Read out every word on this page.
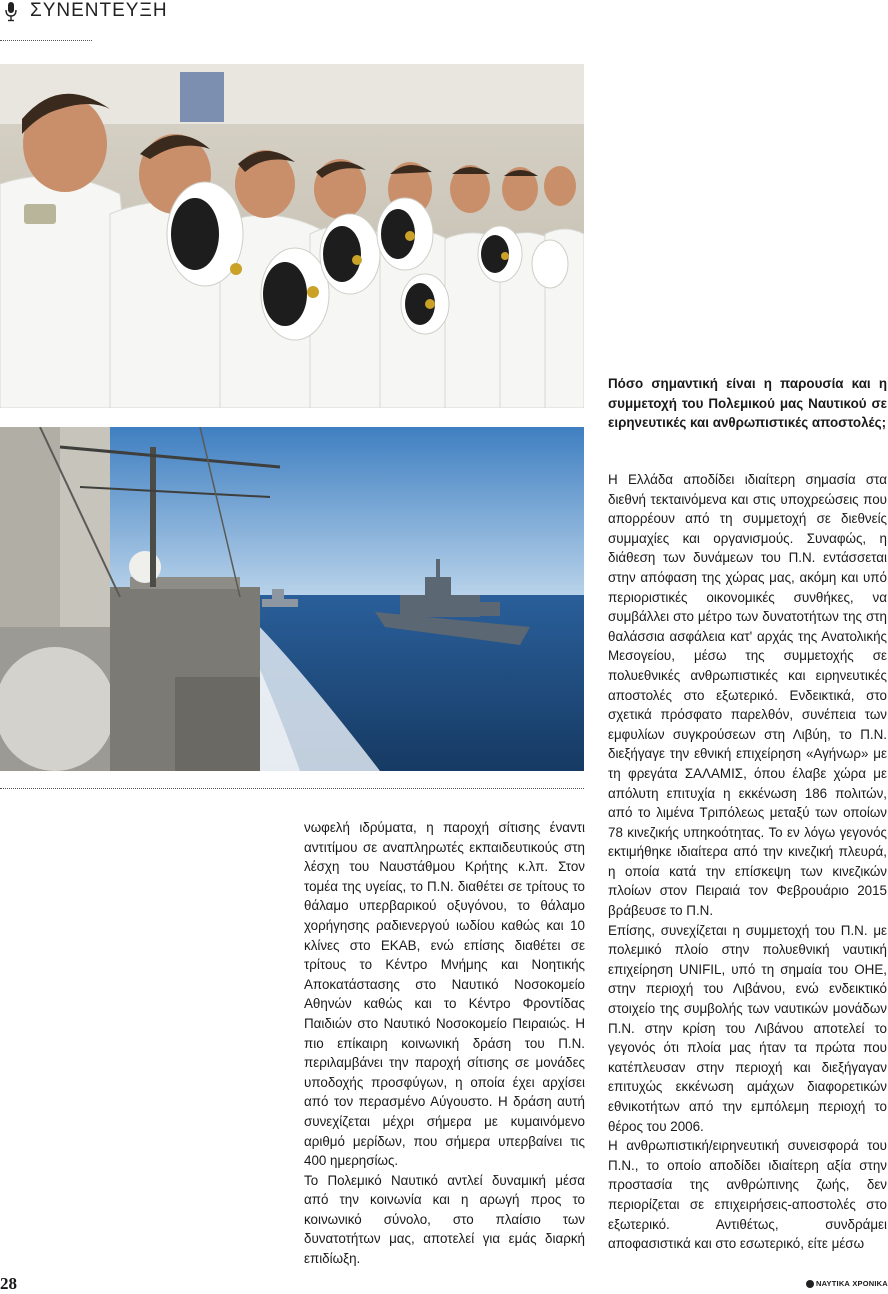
ΣΥΝΕΝΤΕΥΞΗ

νωφελή ιδρύματα, η παροχή σίτισης έναντι αντιτίμου σε αναπληρωτές εκπαιδευτικούς στη λέσχη του Ναυστάθμου Κρήτης κ.λπ. Στον τομέα της υγείας, το Π.Ν. διαθέτει σε τρίτους το θάλαμο υπερβαρικού οξυγόνου, το θάλαμο χορήγησης ραδιενεργού ιωδίου καθώς και 10 κλίνες στο ΕΚΑΒ, ενώ επίσης διαθέτει σε τρίτους το Κέντρο Μνήμης και Νοητικής Αποκατάστασης στο Ναυτικό Νοσοκομείο Αθηνών καθώς και το Κέντρο Φροντίδας Παιδιών στο Ναυτικό Νοσοκομείο Πειραιώς. Η πιο επίκαιρη κοινωνική δράση του Π.Ν. περιλαμβάνει την παροχή σίτισης σε μονάδες υποδοχής προσφύγων, η οποία έχει αρχίσει από τον περασμένο Αύγουστο. Η δράση αυτή συνεχίζεται μέχρι σήμερα με κυμαινόμενο αριθμό μερίδων, που σήμερα υπερβαίνει τις 400 ημερησίως.

Το Πολεμικό Ναυτικό αντλεί δυναμική μέσα από την κοινωνία και η αρωγή προς το κοινωνικό σύνολο, στο πλαίσιο των δυνατοτήτων μας, αποτελεί για εμάς διαρκή επιδίωξη.

Πόσο σημαντική είναι η παρουσία και η συμμετοχή του Πολεμικού μας Ναυτικού σε ειρηνευτικές και ανθρωπιστικές αποστολές;

Η Ελλάδα αποδίδει ιδιαίτερη σημασία στα διεθνή τεκταινόμενα και στις υποχρεώσεις που απορρέουν από τη συμμετοχή σε διεθνείς συμμαχίες και οργανισμούς. Συναφώς, η διάθεση των δυνάμεων του Π.Ν. εντάσσεται στην απόφαση της χώρας μας, ακόμη και υπό περιοριστικές οικονομικές συνθήκες, να συμβάλλει στο μέτρο των δυνατοτήτων της στη θαλάσσια ασφάλεια κατ' αρχάς της Ανατολικής Μεσογείου, μέσω της συμμετοχής σε πολυεθνικές ανθρωπιστικές και ειρηνευτικές αποστολές στο εξωτερικό. Ενδεικτικά, στο σχετικά πρόσφατο παρελθόν, συνέπεια των εμφυλίων συγκρούσεων στη Λιβύη, το Π.Ν. διεξήγαγε την εθνική επιχείρηση «Αγήνωρ» με τη φρεγάτα ΣΑΛΑΜΙΣ, όπου έλαβε χώρα με απόλυτη επιτυχία η εκκένωση 186 πολιτών, από το λιμένα Τριπόλεως μεταξύ των οποίων 78 κινεζικής υπηκοότητας. Το εν λόγω γεγονός εκτιμήθηκε ιδιαίτερα από την κινεζική πλευρά, η οποία κατά την επίσκεψη των κινεζικών πλοίων στον Πειραιά τον Φεβρουάριο 2015 βράβευσε το Π.Ν.

Επίσης, συνεχίζεται η συμμετοχή του Π.Ν. με πολεμικό πλοίο στην πολυεθνική ναυτική επιχείρηση UNIFIL, υπό τη σημαία του ΟΗΕ, στην περιοχή του Λιβάνου, ενώ ενδεικτικό στοιχείο της συμβολής των ναυτικών μονάδων Π.Ν. στην κρίση του Λιβάνου αποτελεί το γεγονός ότι πλοία μας ήταν τα πρώτα που κατέπλευσαν στην περιοχή και διεξήγαγαν επιτυχώς εκκένωση αμάχων διαφορετικών εθνικοτήτων από την εμπόλεμη περιοχή το θέρος του 2006.

Η ανθρωπιστική/ειρηνευτική συνεισφορά του Π.Ν., το οποίο αποδίδει ιδιαίτερη αξία στην προστασία της ανθρώπινης ζωής, δεν περιορίζεται σε επιχειρήσεις-αποστολές στο εξωτερικό. Αντιθέτως, συνδράμει αποφασιστικά και στο εσωτερικό, είτε μέσω

28	ΝΑΥΤΙΚΑ ΧΡΟΝΙΚΑ
